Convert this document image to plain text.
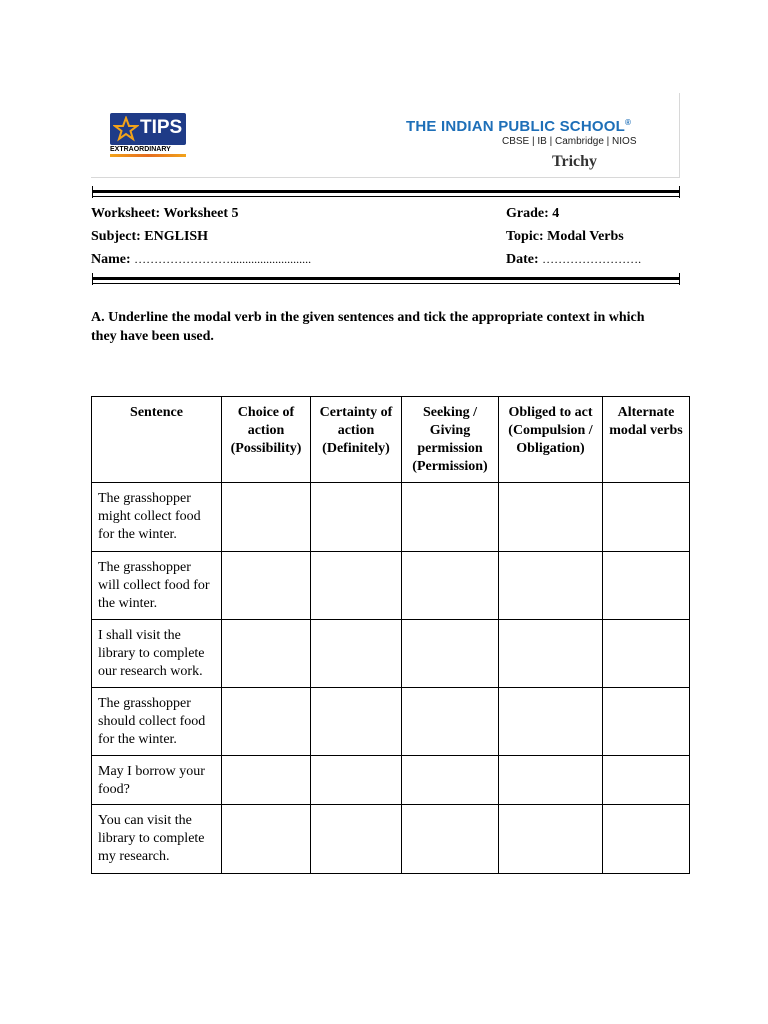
TIPS
EXTRAORDINARY
THE INDIAN PUBLIC SCHOOL®
CBSE | IB | Cambridge | NIOS
Trichy
Worksheet: Worksheet 5
Subject: ENGLISH
Name: ……………………...........................
Grade: 4
Topic: Modal Verbs
Date: …………………….
A. Underline the modal verb in the given sentences and tick the appropriate context in which they have been used.
Sentence	Choice of action (Possibility)	Certainty of action (Definitely)	Seeking / Giving permission (Permission)	Obliged to act (Compulsion / Obligation)	Alternate modal verbs
The grasshopper might collect food for the winter.					
The grasshopper will collect food for the winter.					
I shall visit the library to complete our research work.					
The grasshopper should collect food for the winter.					
May I borrow your food?					
You can visit the library to complete my research.					
